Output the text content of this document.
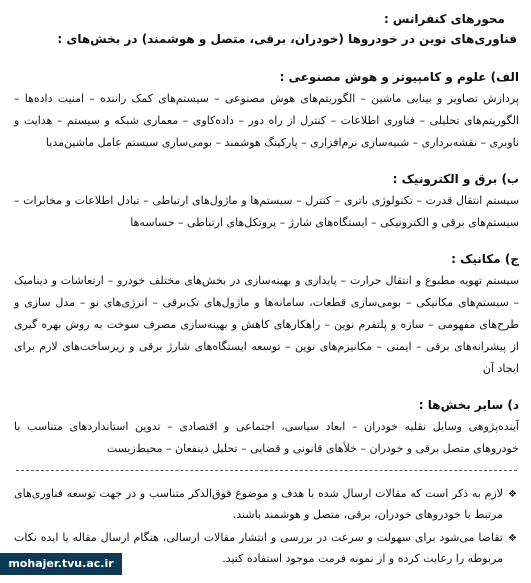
محورهای کنفرانس :

فناوری‌های نوین در خودروها (خودران، برقی، متصل و هوشمند) در بخش‌های :

الف) علوم و کامپیوتر و هوش مصنوعی :

پردازش تصاویر و بینایی ماشین – الگوریتم‌های هوش مصنوعی – سیستم‌های کمک راننده – امنیت داده‌ها – الگوریتم‌های تحلیلی – فناوری اطلاعات – کنترل از راه دور – داده‌کاوی – معماری شبکه و سیستم – هدایت و ناوبری – نقشه‌برداری – شبیه‌سازی نرم‌افزاری – پارکینگ هوشمند – بومی‌سازی سیستم عامل ماشین‌مدیا

ب) برق و الکترونیک :

سیستم انتقال قدرت – تکنولوژی باتری – کنترل – سیستم‌ها و ماژول‌های ارتباطی – تبادل اطلاعات و مخابرات – سیستم‌های برقی و الکترونیکی – ایستگاه‌های شارژ – پروتکل‌های ارتباطی – حساسه‌ها

ج) مکانیک :

سیستم تهویه مطبوع و انتقال حرارت – پایداری و بهینه‌سازی در بخش‌های مختلف خودرو – ارتعاشات و دینامیک – سیستم‌های مکانیکی – بومی‌سازی قطعات، سامانه‌ها و ماژول‌های تک‌برقی – انرژی‌های نو – مدل سازی و طرح‌های مفهومی – سازه و پلتفرم نوین – راهکارهای کاهش و بهینه‌سازی مصرف سوخت به روش بهره گیری از پیشرانه‌های برقی – ایمنی – مکانیزم‌های نوین – توسعه ایستگاه‌های شارژ برقی و زیرساخت‌های لازم برای ایجاد آن

د) سایر بخش‌ها :

آینده‌پژوهی وسایل نقلیه خودران – ابعاد سیاسی، اجتماعی و اقتصادی – تدوین استانداردهای متناسب با خودروهای متصل برقی و خودران – خلأهای قانونی و قضایی – تحلیل ذینفعان – محیط‌زیست

❖
لازم به ذکر است که مقالات ارسال شده با هدف و موضوع فوق‌الذکر متناسب و در جهت توسعه فناوری‌های مرتبط با خودروهای خودران، برقی، متصل و هوشمند باشند.
❖
تقاضا می‌شود برای سهولت و سرعت در بررسی و انتشار مقالات ارسالی، هنگام ارسال مقاله یا ایده نکات مربوطه را رعایت کرده و از نمونه فرمت موجود استفاده کنید.
mohajer.tvu.ac.ir
